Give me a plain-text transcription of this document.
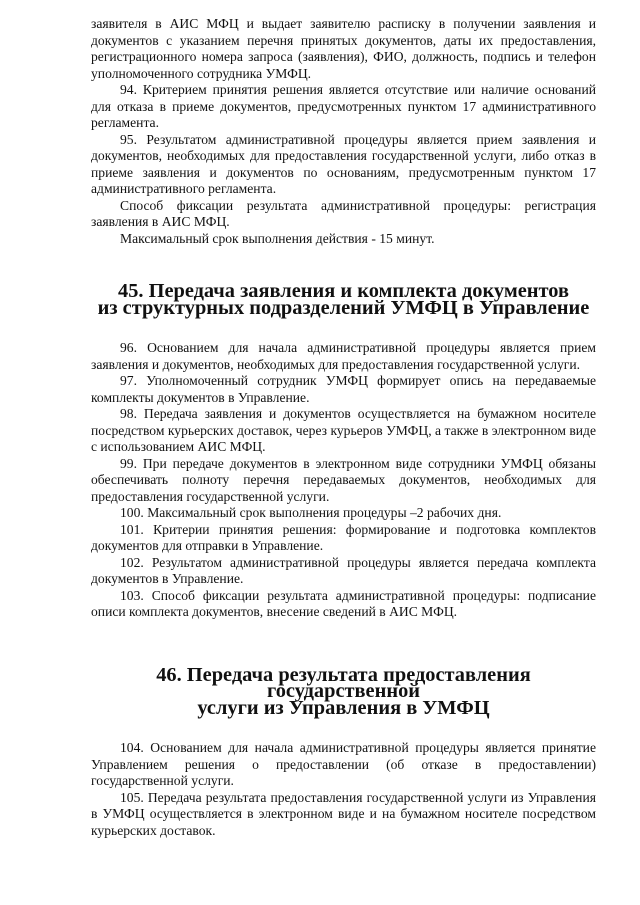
заявителя в АИС МФЦ и выдает заявителю расписку в получении заявления и документов с указанием перечня принятых документов, даты их предоставления, регистрационного номера запроса (заявления), ФИО, должность, подпись и телефон уполномоченного сотрудника УМФЦ.

94. Критерием принятия решения является отсутствие или наличие оснований для отказа в приеме документов, предусмотренных пунктом 17 административного регламента.

95. Результатом административной процедуры является прием заявления и документов, необходимых для предоставления государственной услуги, либо отказ в приеме заявления и документов по основаниям, предусмотренным пунктом 17 административного регламента.

Способ фиксации результата административной процедуры: регистрация заявления в АИС МФЦ.

Максимальный срок выполнения действия - 15 минут.

45. Передача заявления и комплекта документов
из структурных подразделений УМФЦ в Управление

96. Основанием для начала административной процедуры является прием заявления и документов, необходимых для предоставления государственной услуги.

97. Уполномоченный сотрудник УМФЦ формирует опись на передаваемые комплекты документов в Управление.

98. Передача заявления и документов осуществляется на бумажном носителе посредством курьерских доставок, через курьеров УМФЦ, а также в электронном виде с использованием АИС МФЦ.

99. При передаче документов в электронном виде сотрудники УМФЦ обязаны обеспечивать полноту перечня передаваемых документов, необходимых для предоставления государственной услуги.

100. Максимальный срок выполнения процедуры –2 рабочих дня.

101. Критерии принятия решения: формирование и подготовка комплектов документов для отправки в Управление.

102. Результатом административной процедуры является передача комплекта документов в Управление.

103. Способ фиксации результата административной процедуры: подписание описи комплекта документов, внесение сведений в АИС МФЦ.

46. Передача результата предоставления государственной
услуги из Управления в УМФЦ

104. Основанием для начала административной процедуры является принятие Управлением решения о предоставлении (об отказе в предоставлении) государственной услуги.

105. Передача результата предоставления государственной услуги из Управления в УМФЦ осуществляется в электронном виде и на бумажном носителе посредством курьерских доставок.
